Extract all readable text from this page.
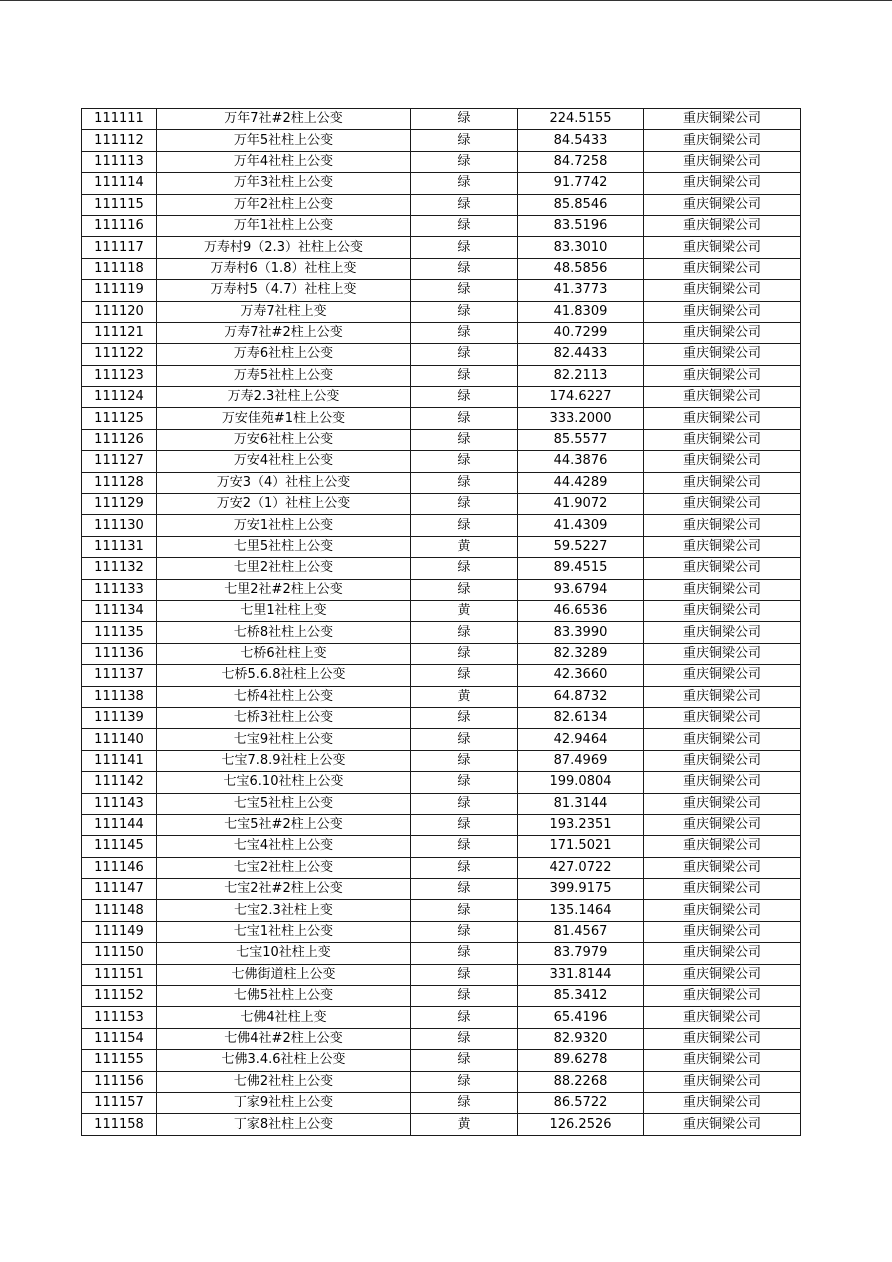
111111	万年7社#2柱上公变	绿	224.5155	重庆铜梁公司
111112	万年5社柱上公变	绿	84.5433	重庆铜梁公司
111113	万年4社柱上公变	绿	84.7258	重庆铜梁公司
111114	万年3社柱上公变	绿	91.7742	重庆铜梁公司
111115	万年2社柱上公变	绿	85.8546	重庆铜梁公司
111116	万年1社柱上公变	绿	83.5196	重庆铜梁公司
111117	万寿村9（2.3）社柱上公变	绿	83.3010	重庆铜梁公司
111118	万寿村6（1.8）社柱上变	绿	48.5856	重庆铜梁公司
111119	万寿村5（4.7）社柱上变	绿	41.3773	重庆铜梁公司
111120	万寿7社柱上变	绿	41.8309	重庆铜梁公司
111121	万寿7社#2柱上公变	绿	40.7299	重庆铜梁公司
111122	万寿6社柱上公变	绿	82.4433	重庆铜梁公司
111123	万寿5社柱上公变	绿	82.2113	重庆铜梁公司
111124	万寿2.3社柱上公变	绿	174.6227	重庆铜梁公司
111125	万安佳苑#1柱上公变	绿	333.2000	重庆铜梁公司
111126	万安6社柱上公变	绿	85.5577	重庆铜梁公司
111127	万安4社柱上公变	绿	44.3876	重庆铜梁公司
111128	万安3（4）社柱上公变	绿	44.4289	重庆铜梁公司
111129	万安2（1）社柱上公变	绿	41.9072	重庆铜梁公司
111130	万安1社柱上公变	绿	41.4309	重庆铜梁公司
111131	七里5社柱上公变	黄	59.5227	重庆铜梁公司
111132	七里2社柱上公变	绿	89.4515	重庆铜梁公司
111133	七里2社#2柱上公变	绿	93.6794	重庆铜梁公司
111134	七里1社柱上变	黄	46.6536	重庆铜梁公司
111135	七桥8社柱上公变	绿	83.3990	重庆铜梁公司
111136	七桥6社柱上变	绿	82.3289	重庆铜梁公司
111137	七桥5.6.8社柱上公变	绿	42.3660	重庆铜梁公司
111138	七桥4社柱上公变	黄	64.8732	重庆铜梁公司
111139	七桥3社柱上公变	绿	82.6134	重庆铜梁公司
111140	七宝9社柱上公变	绿	42.9464	重庆铜梁公司
111141	七宝7.8.9社柱上公变	绿	87.4969	重庆铜梁公司
111142	七宝6.10社柱上公变	绿	199.0804	重庆铜梁公司
111143	七宝5社柱上公变	绿	81.3144	重庆铜梁公司
111144	七宝5社#2柱上公变	绿	193.2351	重庆铜梁公司
111145	七宝4社柱上公变	绿	171.5021	重庆铜梁公司
111146	七宝2社柱上公变	绿	427.0722	重庆铜梁公司
111147	七宝2社#2柱上公变	绿	399.9175	重庆铜梁公司
111148	七宝2.3社柱上变	绿	135.1464	重庆铜梁公司
111149	七宝1社柱上公变	绿	81.4567	重庆铜梁公司
111150	七宝10社柱上变	绿	83.7979	重庆铜梁公司
111151	七佛街道柱上公变	绿	331.8144	重庆铜梁公司
111152	七佛5社柱上公变	绿	85.3412	重庆铜梁公司
111153	七佛4社柱上变	绿	65.4196	重庆铜梁公司
111154	七佛4社#2柱上公变	绿	82.9320	重庆铜梁公司
111155	七佛3.4.6社柱上公变	绿	89.6278	重庆铜梁公司
111156	七佛2社柱上公变	绿	88.2268	重庆铜梁公司
111157	丁家9社柱上公变	绿	86.5722	重庆铜梁公司
111158	丁家8社柱上公变	黄	126.2526	重庆铜梁公司
